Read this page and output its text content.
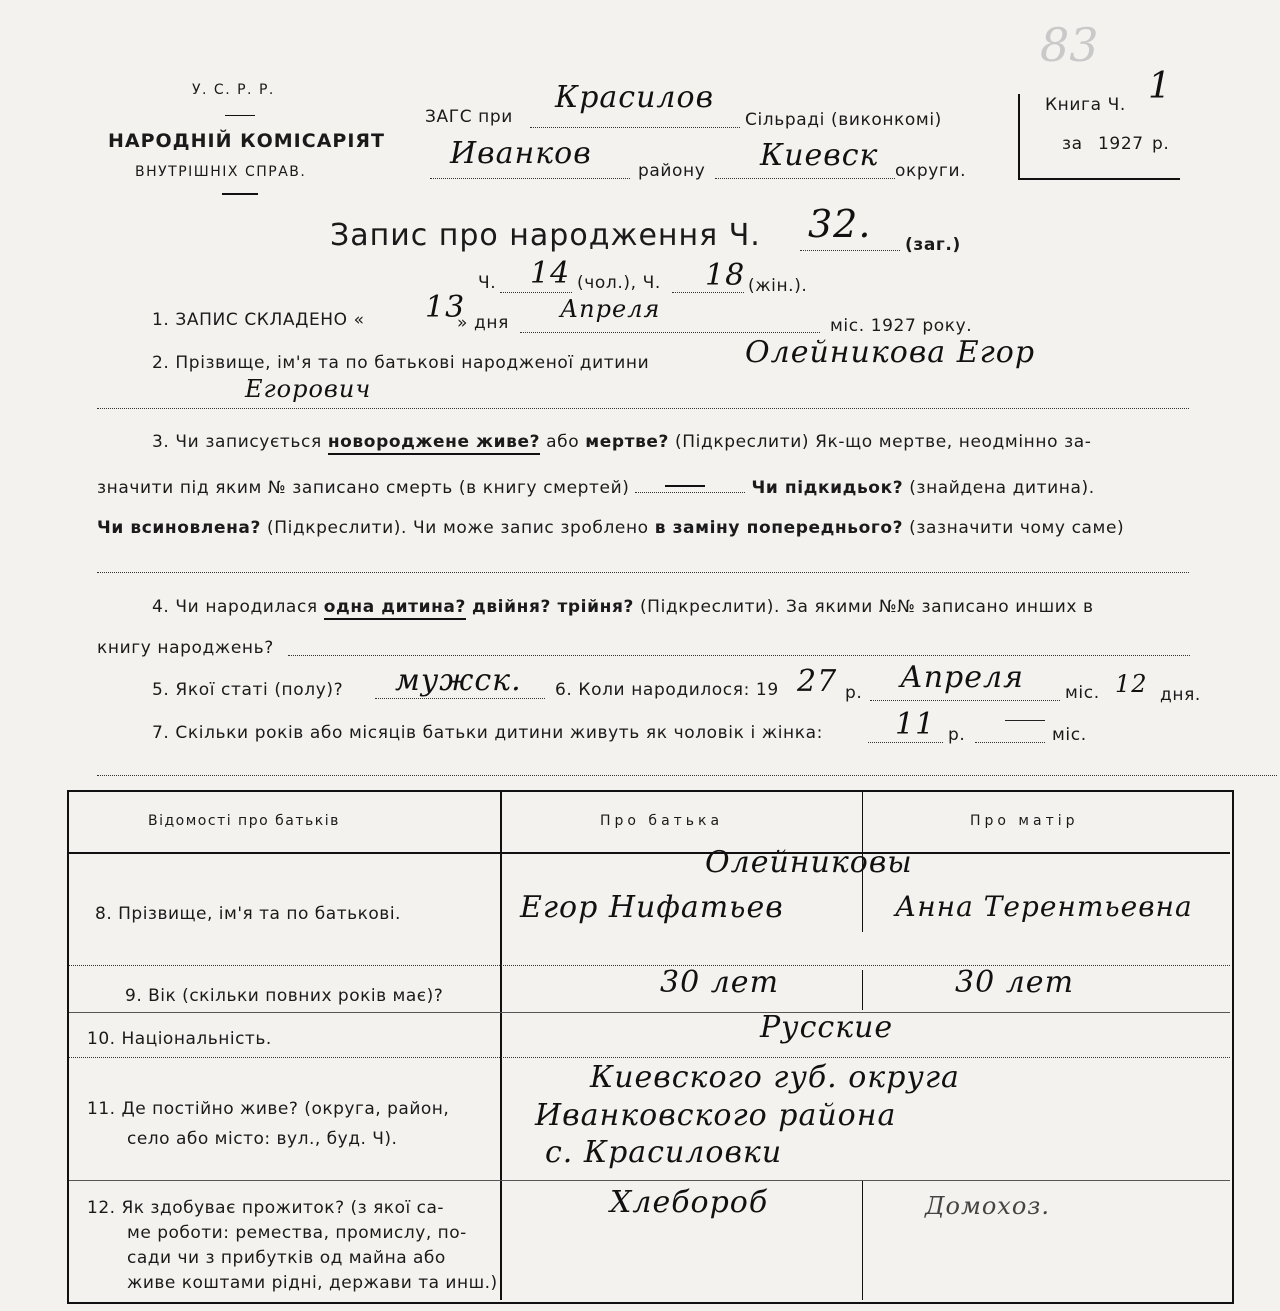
83
У. С. Р. Р.
НАРОДНІЙ КОМІСАРІЯТ
ВНУТРІШНІХ СПРАВ.
ЗАГС при
Красилов
Сільраді (виконкомі)
Иванков	району Киевск округи.
Книга Ч. 1
за 1927 р.
Запис про народження Ч. 32. (заг.)
Ч. 14 (чол.), Ч. 18 (жін.).
1. ЗАПИС СКЛАДЕНО « 13
» дня Апреля
міс. 1927 року.
2. Прізвище, ім'я та по батькові народженої дитини	Олейникова Егор
Егорович
3. Чи записується новороджене живе? або мертве? (Підкреслити) Як-що мертве, неодмінно за-
значити під яким № записано смерть (в книгу смертей)	Чи підкидьок? (знайдена дитина).
Чи всиновлена? (Підкреслити). Чи може запис зроблено в заміну попереднього? (зазначити чому саме)
4. Чи народилася одна дитина? двійня? трійня? (Підкреслити). За якими №№ записано инших в
книгу народжень?
5. Якої статі (полу)? мужск. 6. Коли народилося: 19 27 р. Апреля міс. 12 дня.
7. Скільки років або місяців батьки дитини живуть як чоловік і жінка: 11 р.	міс.
Відомості про батьків	Про батька	Про матір
8. Прізвище, ім'я та по батькові.
Олейниковы
Егор Нифатьев	Анна Терентьевна
9. Вік (скільки повних років має)?	30 лет	30 лет
10. Національність.	Русские
11. Де постійно живе? (округа, район,
село або місто: вул., буд. Ч).
Киевского губ. округа
Иванковского района
с. Красиловки
12. Як здобуває прожиток? (з якої са-
ме роботи: ремества, промислу, по-
сади чи з прибутків од майна або
живе коштами рідні, держави та инш.)
Хлебороб	Домохоз.
